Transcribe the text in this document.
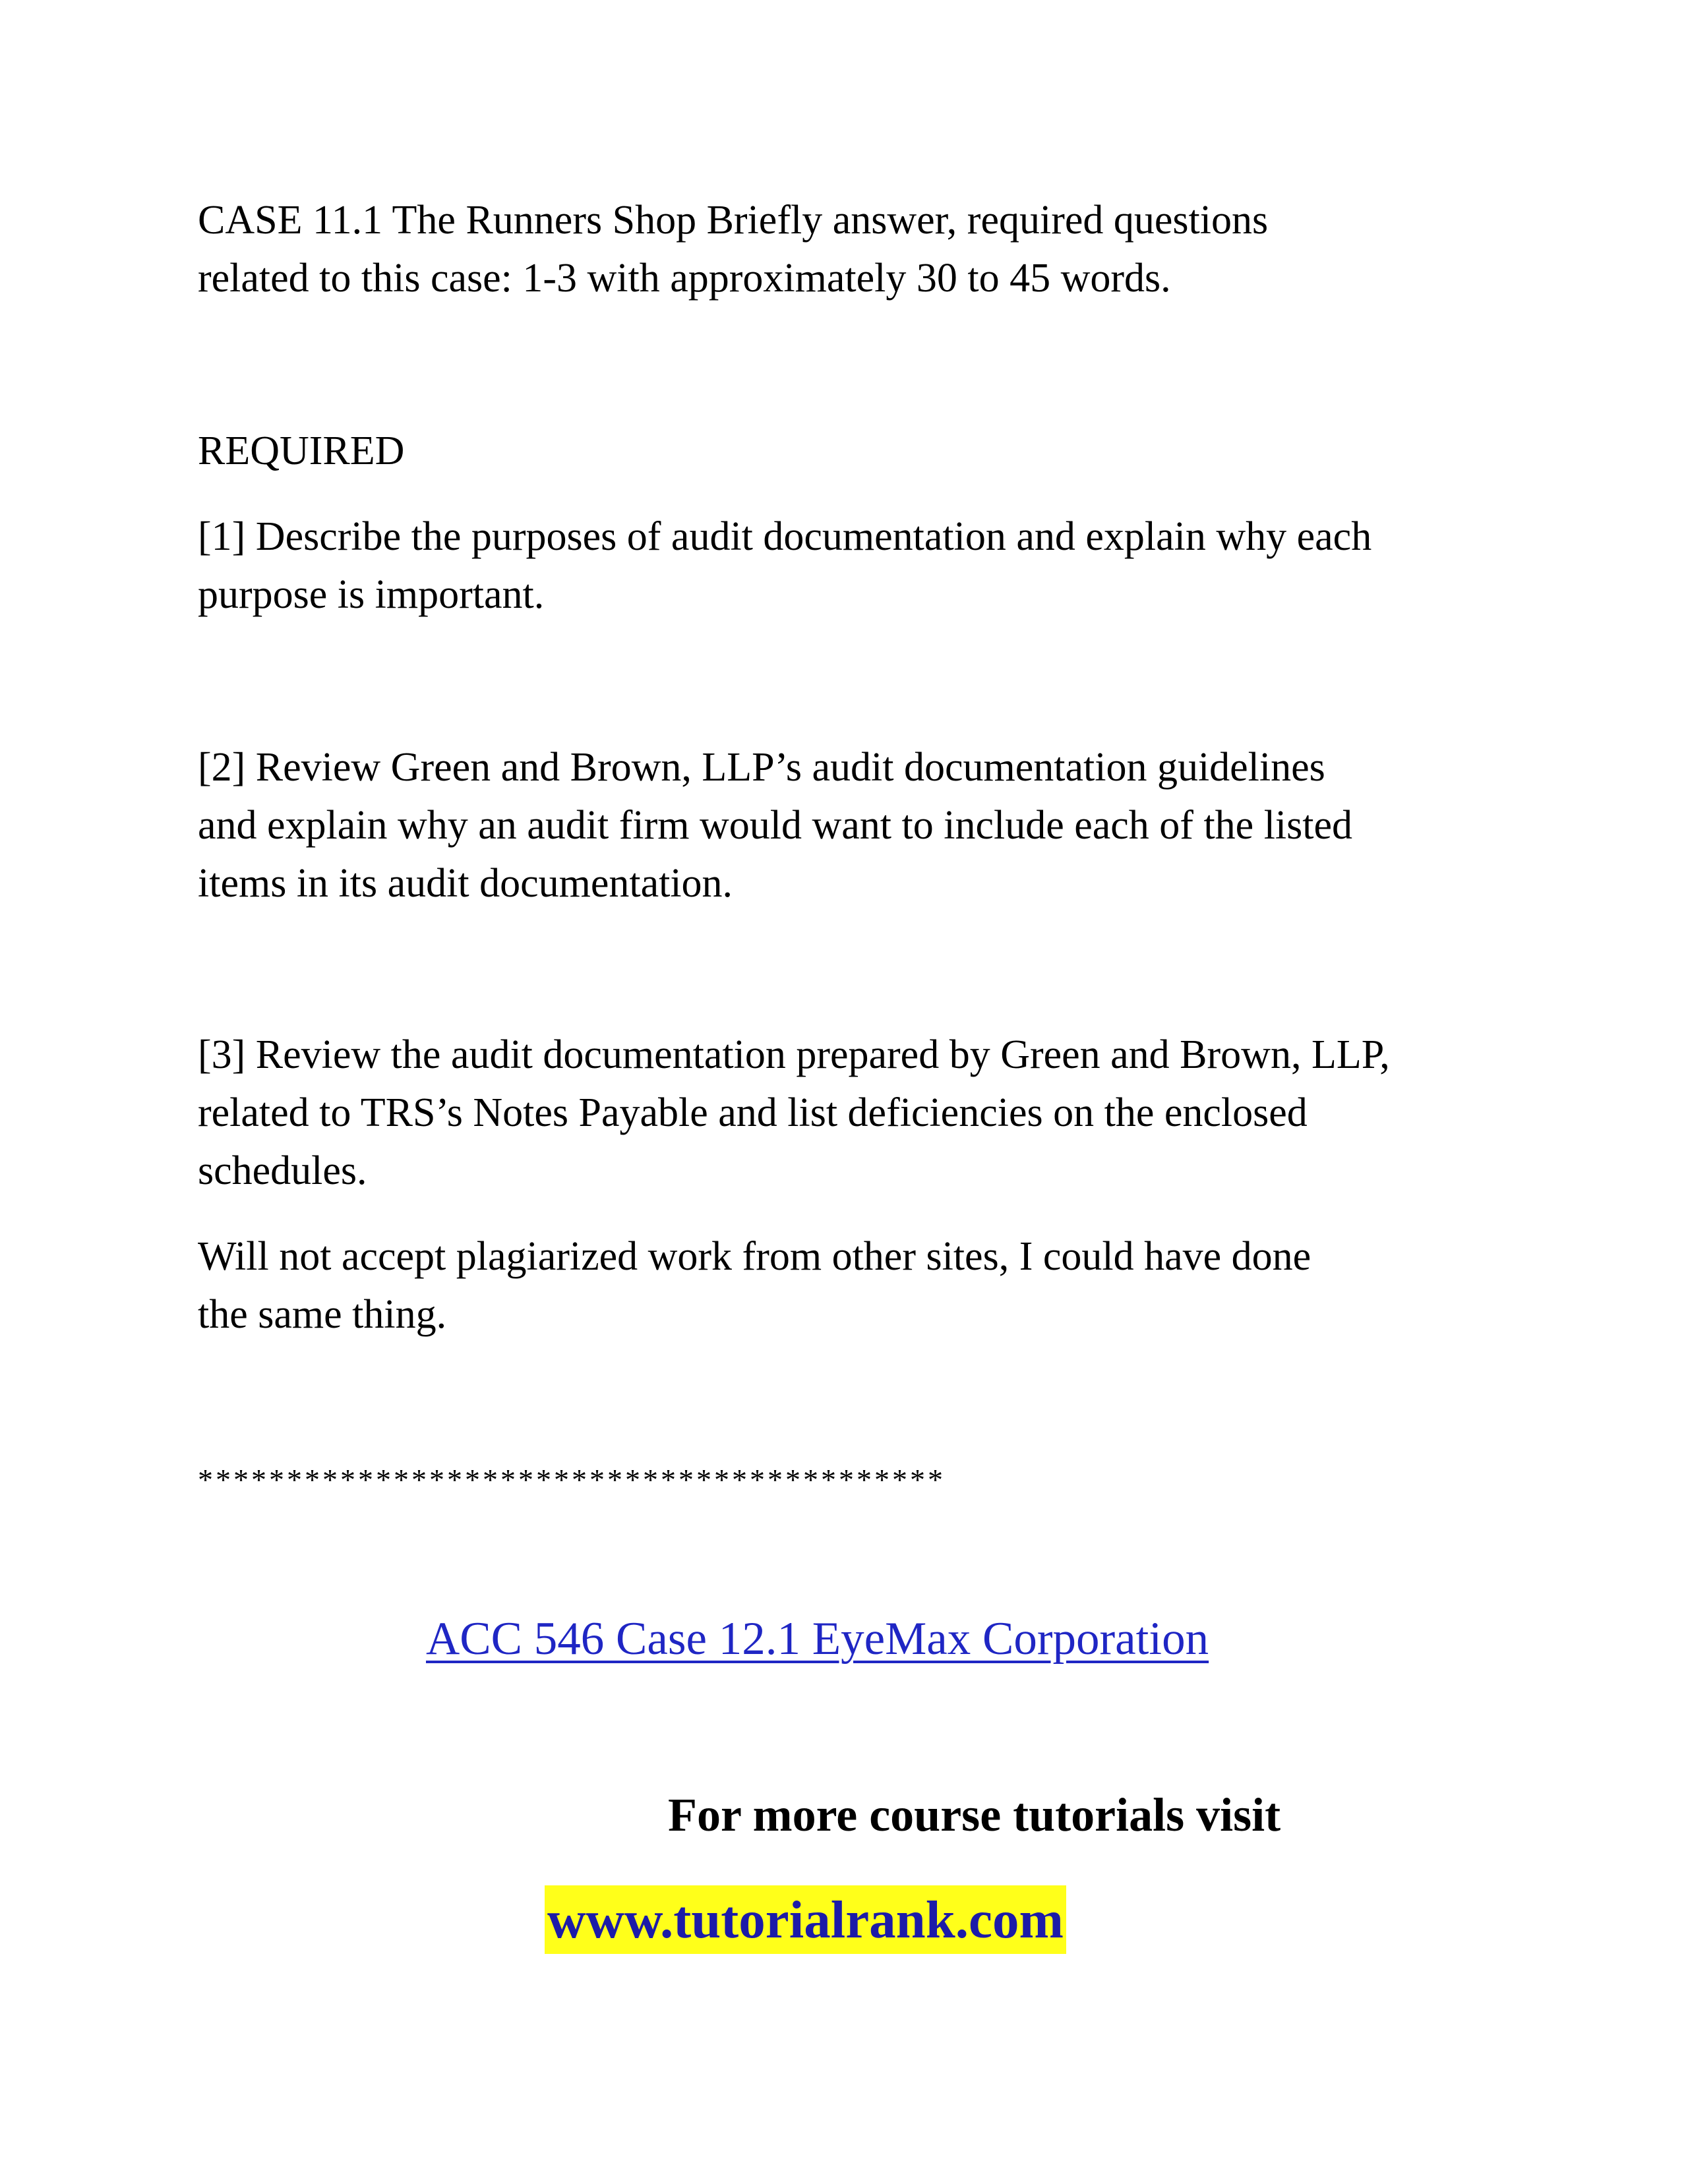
CASE 11.1 The Runners Shop Briefly answer, required questions

related to this case: 1-3 with approximately 30 to 45 words.

REQUIRED

[1] Describe the purposes of audit documentation and explain why each

purpose is important.

[2] Review Green and Brown, LLP’s audit documentation guidelines

and explain why an audit firm would want to include each of the listed

items in its audit documentation.

[3] Review the audit documentation prepared by Green and Brown, LLP,

related to TRS’s Notes Payable and list deficiencies on the enclosed

schedules.

Will not accept plagiarized work from other sites, I could have done

the same thing.

******************************************
ACC 546 Case 12.1 EyeMax Corporation
For more course tutorials visit
www.tutorialrank.com
